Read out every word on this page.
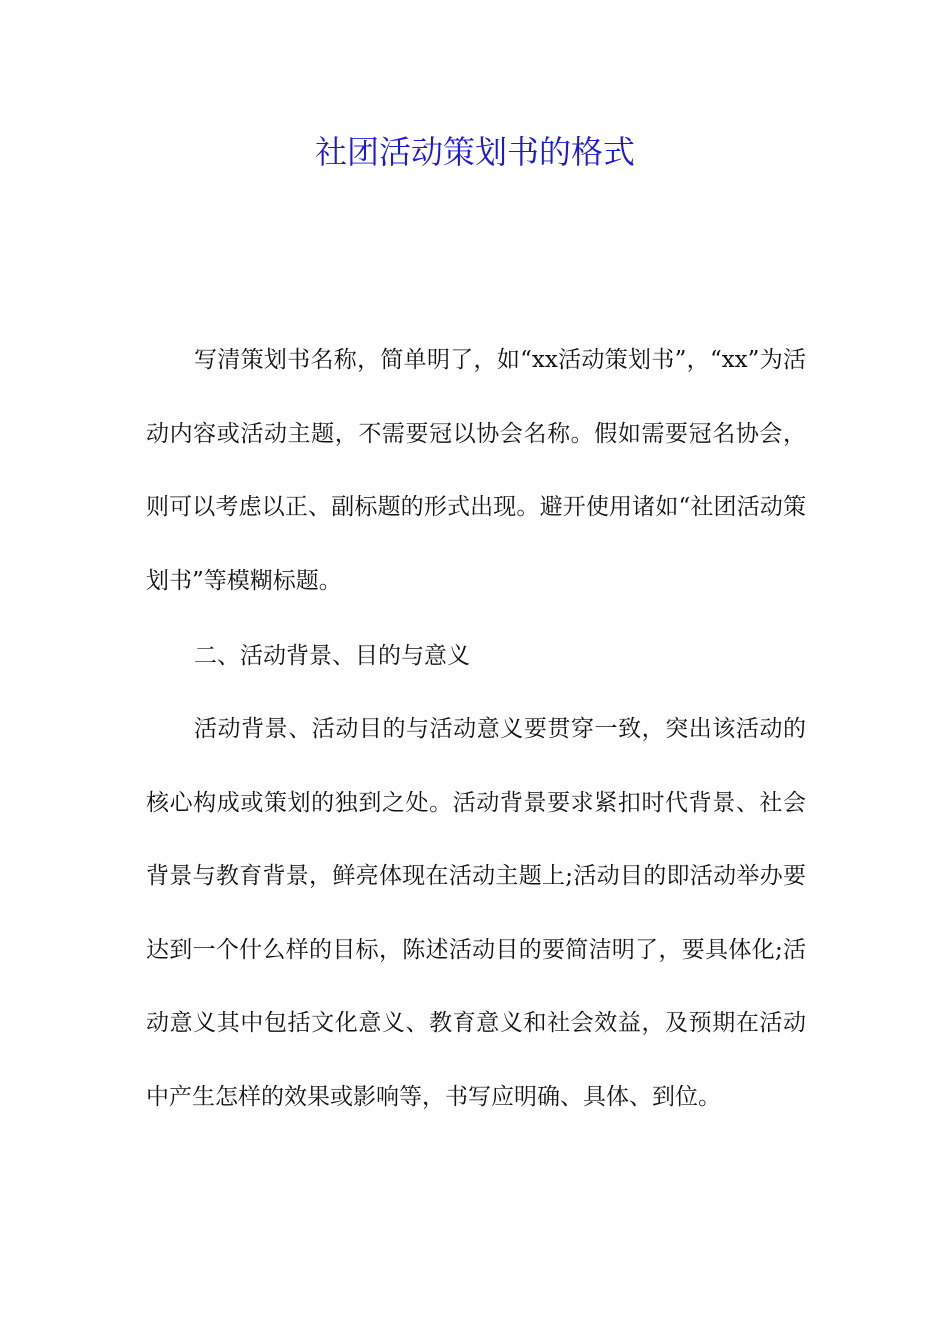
社团活动策划书的格式

写清策划书名称，简单明了，如“xx活动策划书”，“xx”为活动内容或活动主题，不需要冠以协会名称。假如需要冠名协会，则可以考虑以正、副标题的形式出现。避开使用诸如“社团活动策划书”等模糊标题。

二、活动背景、目的与意义

活动背景、活动目的与活动意义要贯穿一致，突出该活动的核心构成或策划的独到之处。活动背景要求紧扣时代背景、社会背景与教育背景，鲜亮体现在活动主题上;活动目的即活动举办要达到一个什么样的目标，陈述活动目的要简洁明了，要具体化;活动意义其中包括文化意义、教育意义和社会效益，及预期在活动中产生怎样的效果或影响等，书写应明确、具体、到位。
